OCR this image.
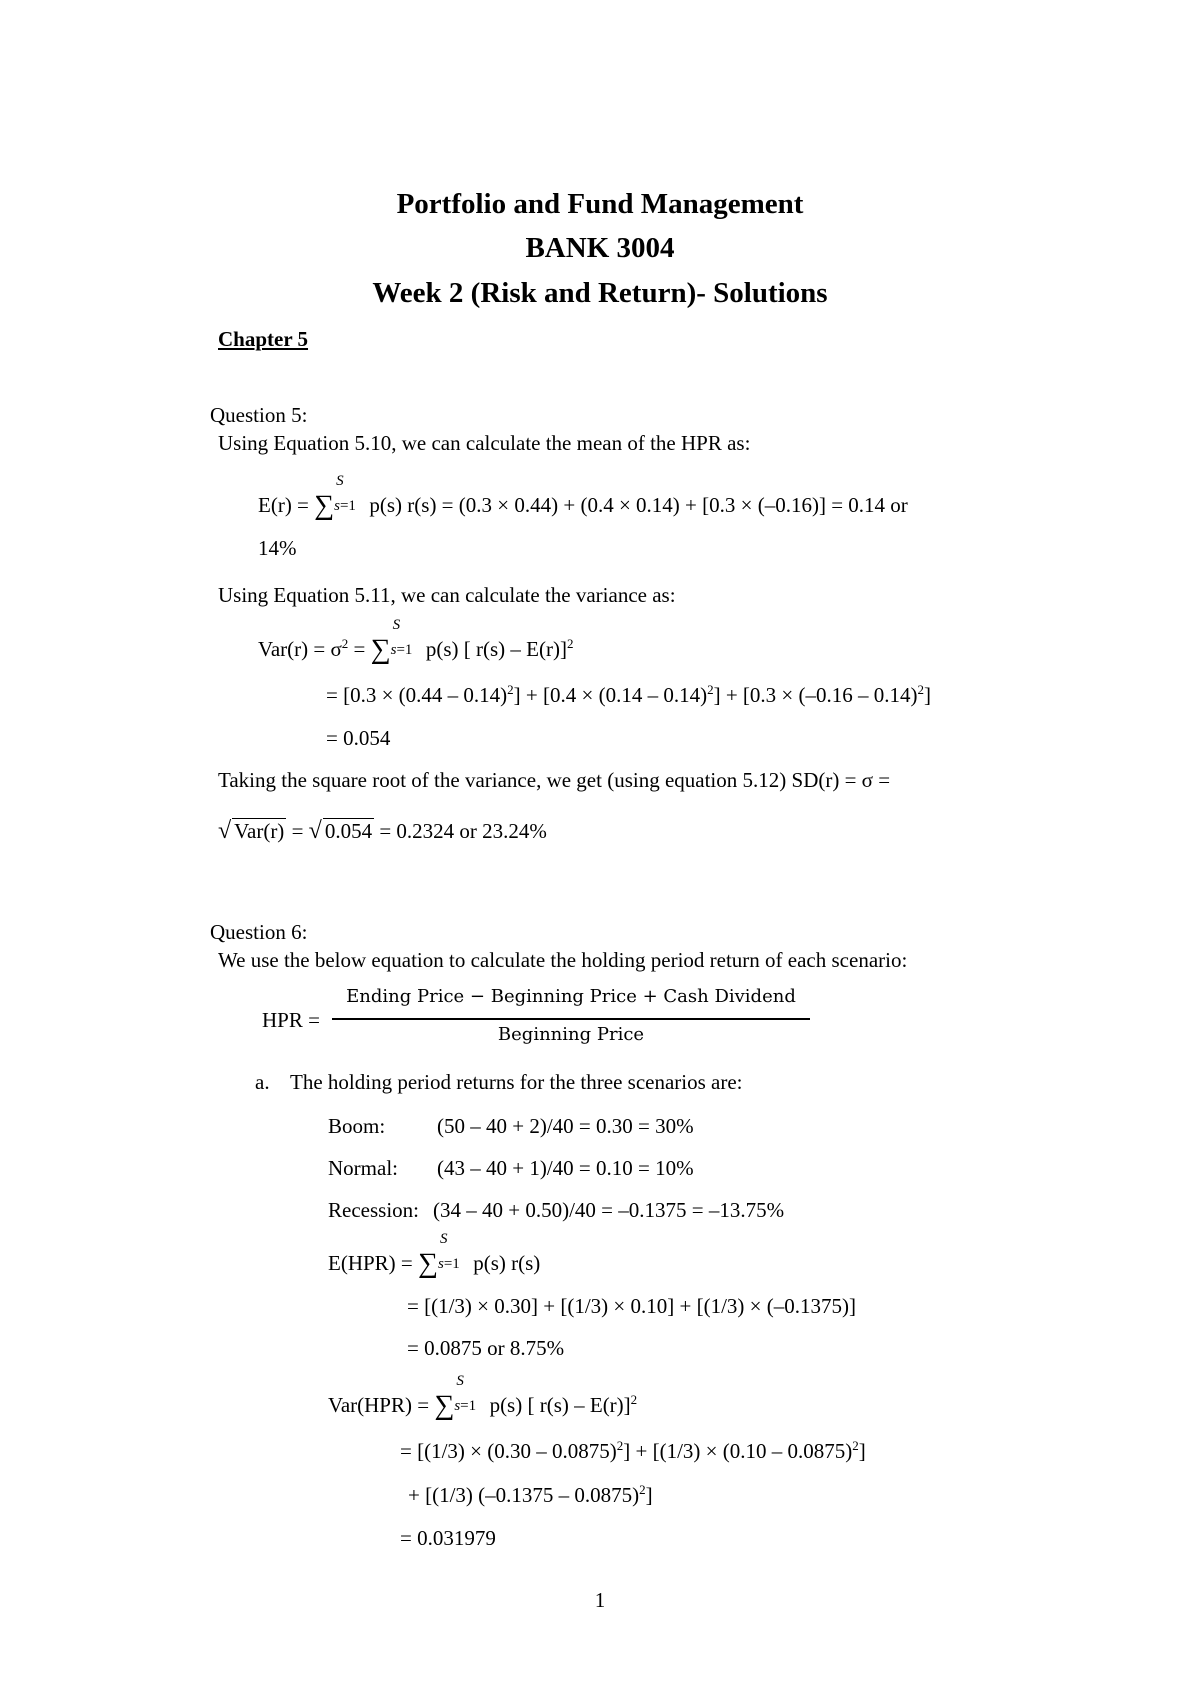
Portfolio and Fund Management
BANK 3004
Week 2 (Risk and Return)- Solutions
Chapter 5
Question 5:
Using Equation 5.10, we can calculate the mean of the HPR as:
E(r) = ∑
S
s=1 p(s) r(s) = (0.3 × 0.44) + (0.4 × 0.14) + [0.3 × (–0.16)] = 0.14 or
14%
Using Equation 5.11, we can calculate the variance as:
$Var(r) = \sigma^2$ = ∑
S
s=1 p(s) [ r(s) – E(r)]$^2$
= [0.3 × (0.44 – 0.14)$^2$] + [0.4 × (0.14 – 0.14)$^2$] + [0.3 × (–0.16 – 0.14)$^2$]
= 0.054
Taking the square root of the variance, we get (using equation 5.12) SD(r) = σ =
√ Var(r) = √ 0.054 = 0.2324 or 23.24%
Question 6:
We use the below equation to calculate the holding period return of each scenario:
HPR =
Ending Price − Beginning Price + Cash Dividend
Beginning Price
a. The holding period returns for the three scenarios are:
Boom: (50 – 40 + 2)/40 = 0.30 = 30%
Normal: (43 – 40 + 1)/40 = 0.10 = 10%
Recession: (34 – 40 + 0.50)/40 = –0.1375 = –13.75%
E(HPR) = ∑
S
s=1 p(s) r(s)
= [(1/3) × 0.30] + [(1/3) × 0.10] + [(1/3) × (–0.1375)]
= 0.0875 or 8.75%
Var(HPR) = ∑
S
s=1 p(s) [ r(s) – E(r)]$^2$
= [(1/3) × (0.30 – 0.0875)$^2$] + [(1/3) × (0.10 – 0.0875)$^2$]
+ [(1/3) (–0.1375 – 0.0875)$^2$]
= 0.031979
1
